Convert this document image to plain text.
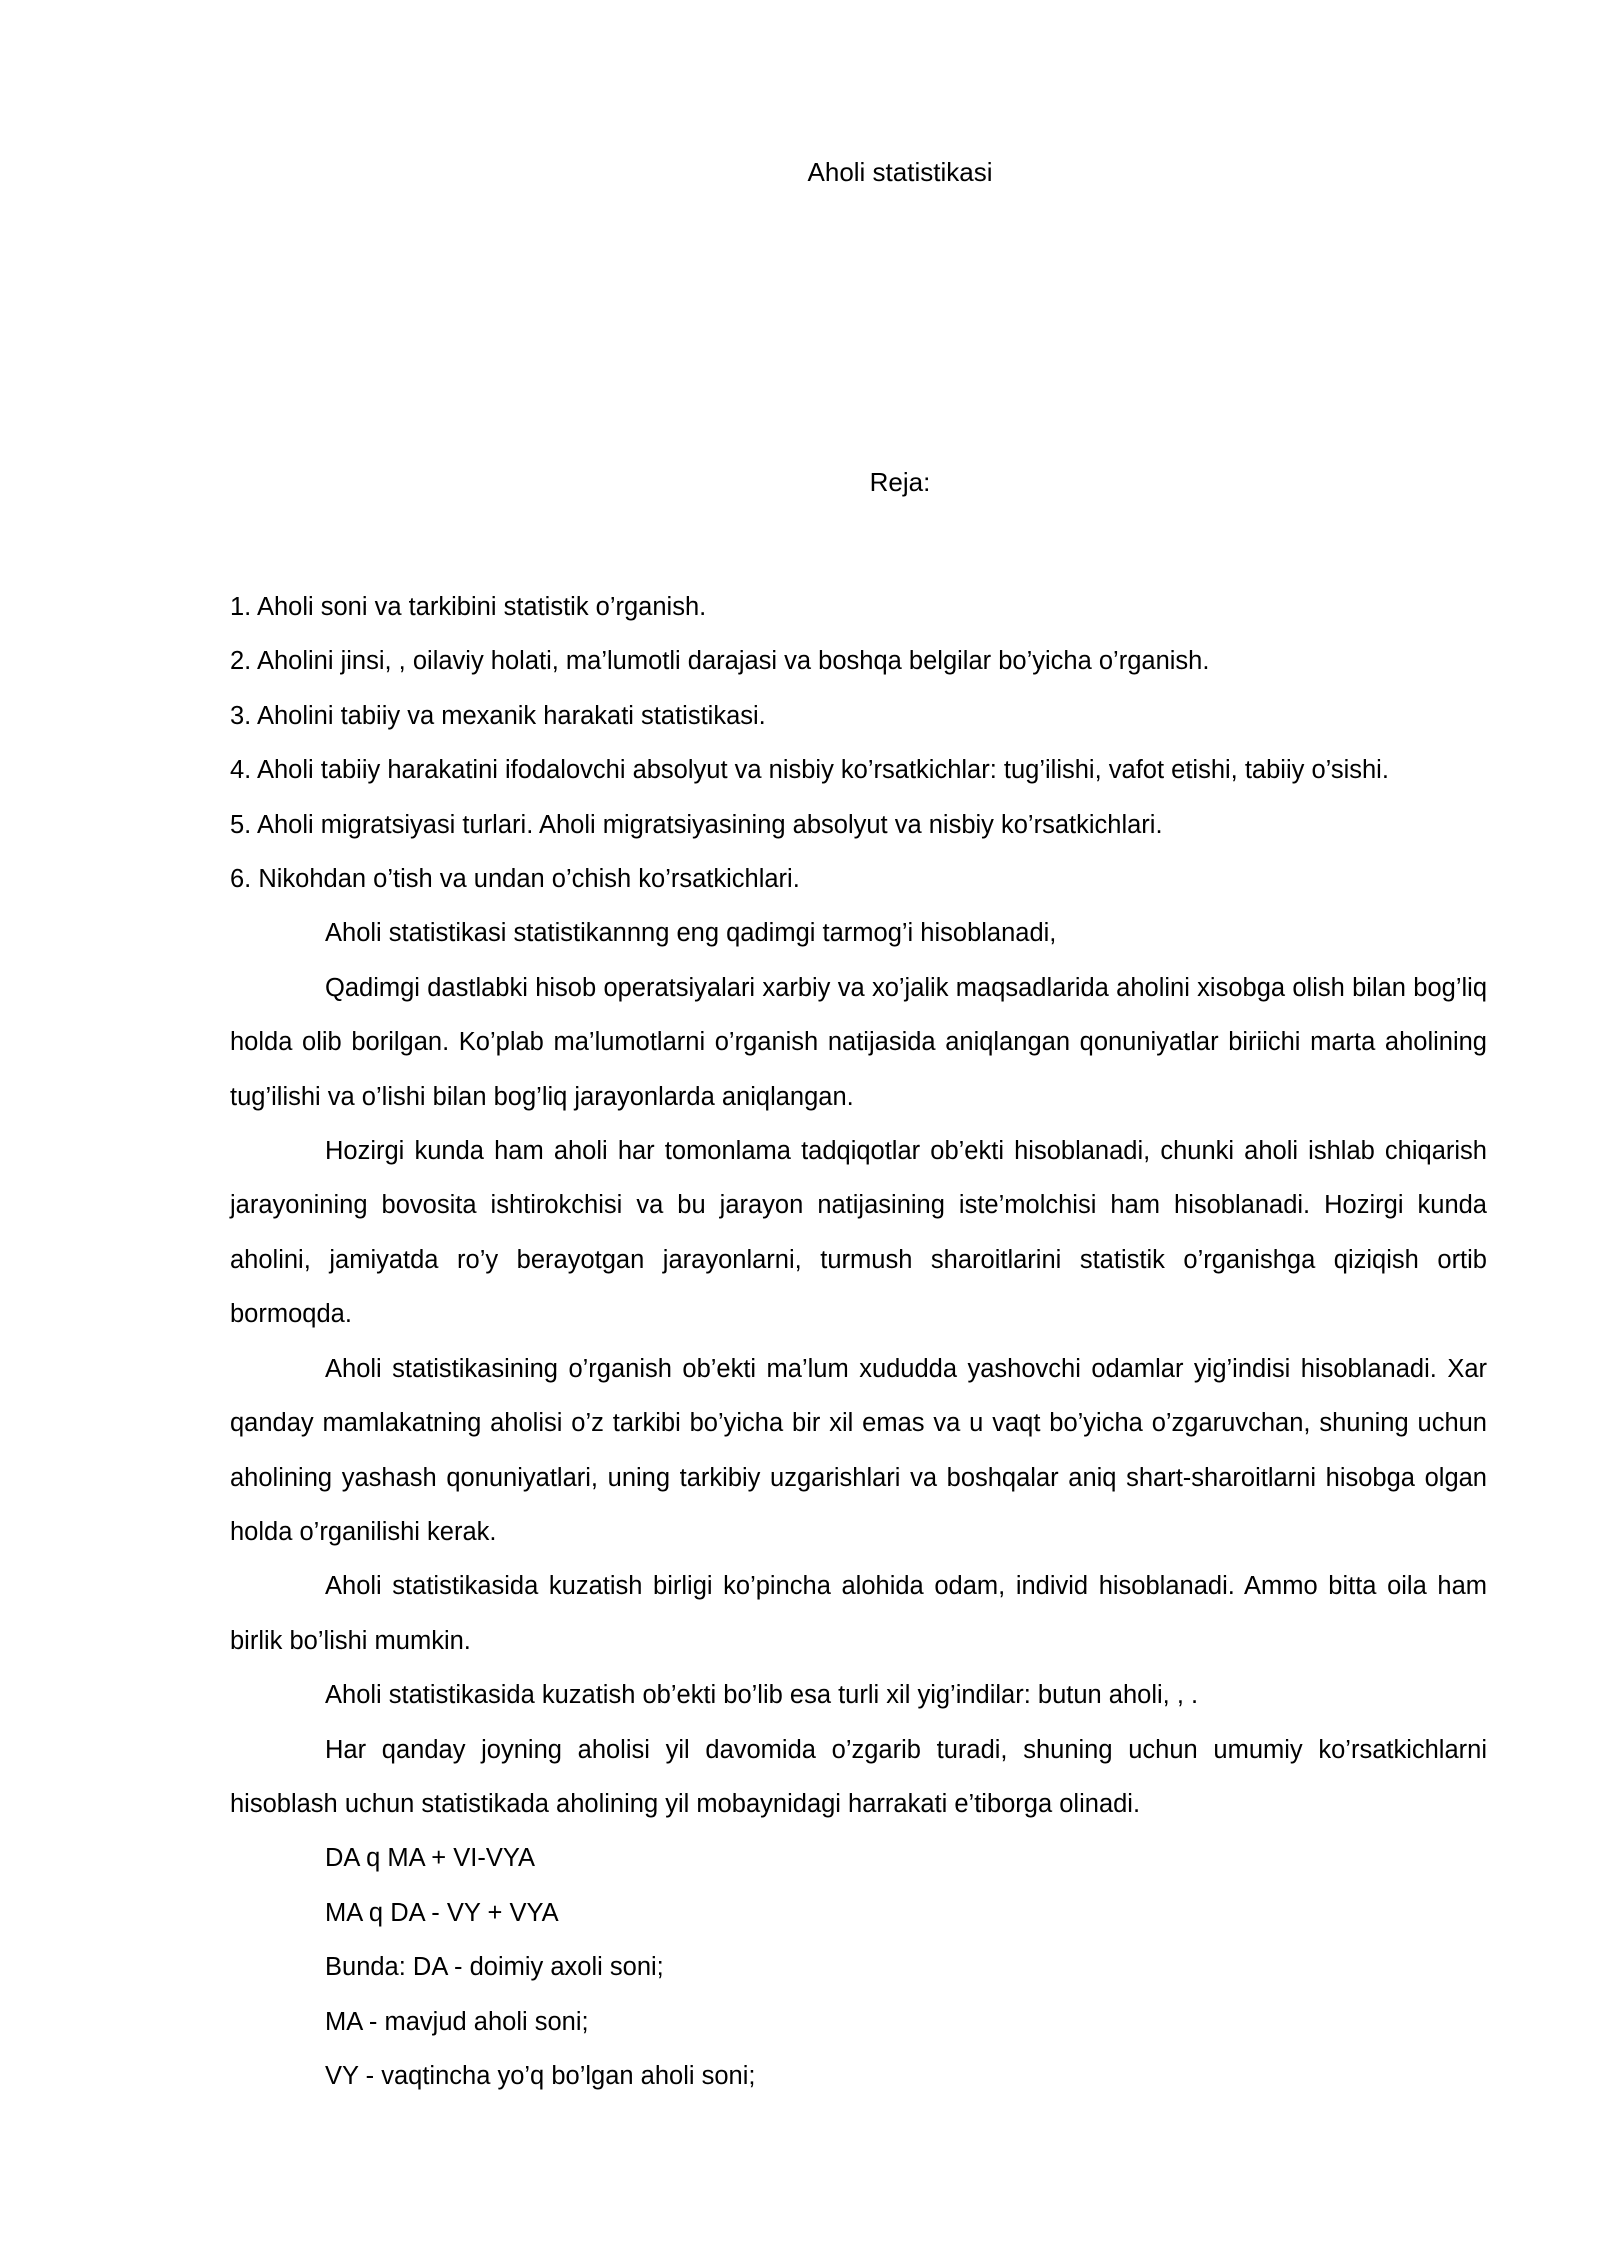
Aholi statistikasi
Reja:
1. Aholi soni va tarkibini statistik o’rganish.
2. Aholini jinsi, , oilaviy holati, ma’lumotli darajasi va boshqa belgilar bo’yicha o’rganish.
3. Aholini tabiiy va mexanik harakati statistikasi.
4. Aholi tabiiy harakatini ifodalovchi absolyut va nisbiy ko’rsatkichlar: tug’ilishi, vafot etishi, tabiiy o’sishi.
5. Aholi migratsiyasi turlari. Aholi migratsiyasining absolyut va nisbiy ko’rsatkichlari.
6. Nikohdan o’tish va undan o’chish ko’rsatkichlari.

Aholi statistikasi statistikannng eng qadimgi tarmog’i hisoblanadi,

Qadimgi dastlabki hisob operatsiyalari xarbiy va xo’jalik maqsadlarida aholini xisobga olish bilan bog’liq holda olib borilgan. Ko’plab ma’lumotlarni o’rganish natijasida aniqlangan qonuniyatlar biriichi marta aholining tug’ilishi va o’lishi bilan bog’liq jarayonlarda aniqlangan.

Hozirgi kunda ham aholi har tomonlama tadqiqotlar ob’ekti hisoblanadi, chunki aholi ishlab chiqarish jarayonining bovosita ishtirokchisi va bu jarayon natijasining iste’molchisi ham hisoblanadi. Hozirgi kunda aholini, jamiyatda ro’y berayotgan jarayonlarni, turmush sharoitlarini statistik o’rganishga qiziqish ortib bormoqda.

Aholi statistikasining o’rganish ob’ekti ma’lum xududda yashovchi odamlar yig’indisi hisoblanadi. Xar qanday mamlakatning aholisi o’z tarkibi bo’yicha bir xil emas va u vaqt bo’yicha o’zgaruvchan, shuning uchun aholining yashash qonuniyatlari, uning tarkibiy uzgarishlari va boshqalar aniq shart-sharoitlarni hisobga olgan holda o’rganilishi kerak.

Aholi statistikasida kuzatish birligi ko’pincha alohida odam, individ hisoblanadi. Ammo bitta oila ham birlik bo’lishi mumkin.

Aholi statistikasida kuzatish ob’ekti bo’lib esa turli xil yig’indilar: butun aholi, , .

Har qanday joyning aholisi yil davomida o’zgarib turadi, shuning uchun umumiy ko’rsatkichlarni hisoblash uchun statistikada aholining yil mobaynidagi harrakati e’tiborga olinadi.

DA q MA + VI-VYA

MA q DA - VY + VYA

Bunda: DA - doimiy axoli soni;

MA - mavjud aholi soni;

VY - vaqtincha yo’q bo’lgan aholi soni;
